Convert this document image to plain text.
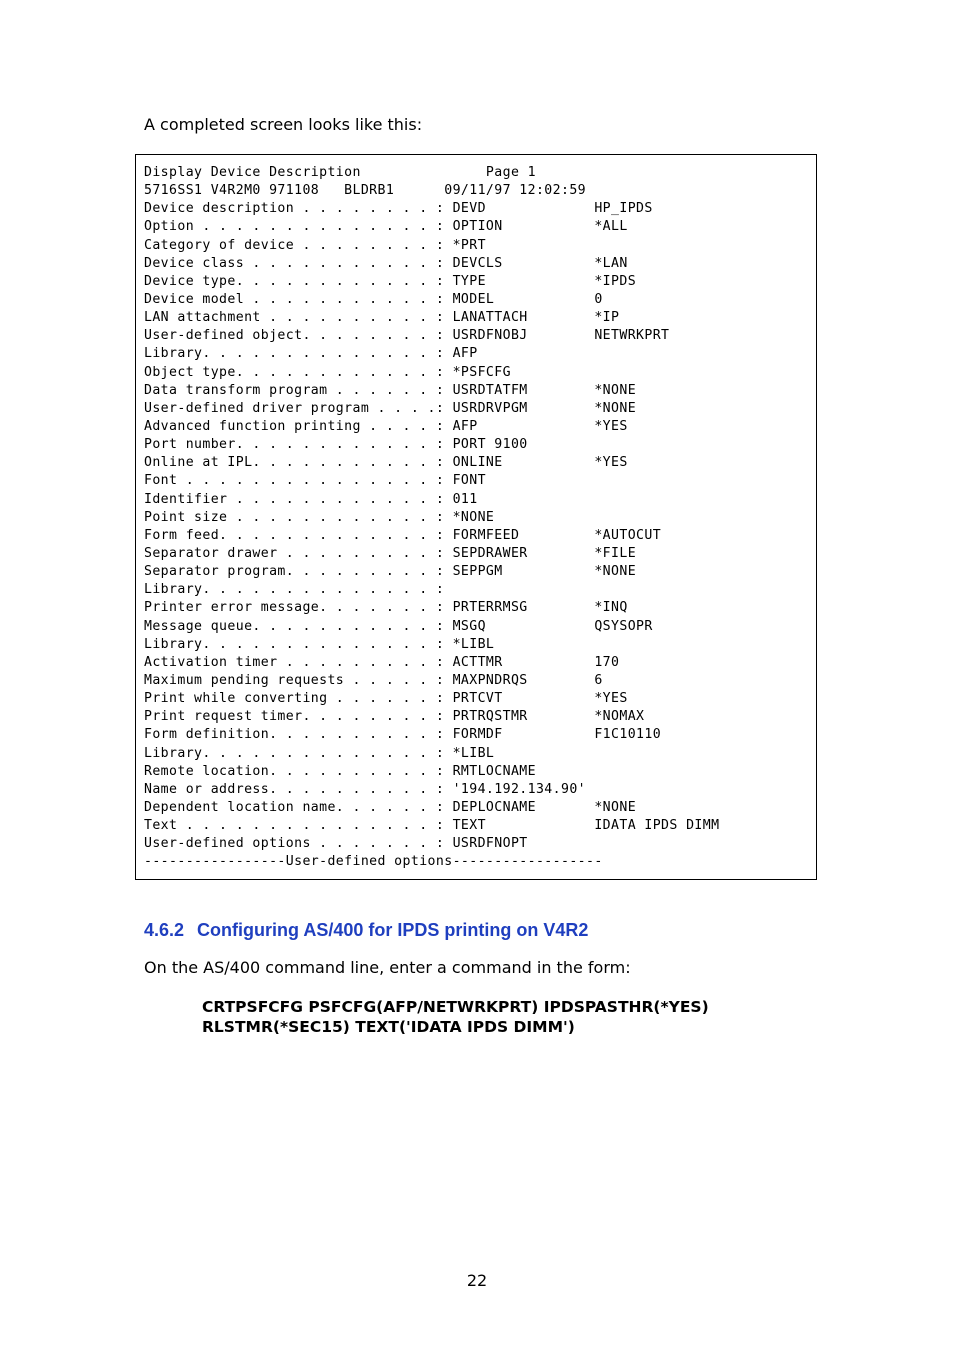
A completed screen looks like this:
Display Device Description               Page 1
5716SS1 V4R2M0 971108   BLDRB1      09/11/97 12:02:59
Device description . . . . . . . . : DEVD             HP_IPDS
Option . . . . . . . . . . . . . . : OPTION           *ALL
Category of device . . . . . . . . : *PRT
Device class . . . . . . . . . . . : DEVCLS           *LAN
Device type. . . . . . . . . . . . : TYPE             *IPDS
Device model . . . . . . . . . . . : MODEL            0
LAN attachment . . . . . . . . . . : LANATTACH        *IP
User-defined object. . . . . . . . : USRDFNOBJ        NETWRKPRT
Library. . . . . . . . . . . . . . : AFP
Object type. . . . . . . . . . . . : *PSFCFG
Data transform program . . . . . . : USRDTATFM        *NONE
User-defined driver program . . . .: USRDRVPGM        *NONE
Advanced function printing . . . . : AFP              *YES
Port number. . . . . . . . . . . . : PORT 9100
Online at IPL. . . . . . . . . . . : ONLINE           *YES
Font . . . . . . . . . . . . . . . : FONT
Identifier . . . . . . . . . . . . : 011
Point size . . . . . . . . . . . . : *NONE
Form feed. . . . . . . . . . . . . : FORMFEED         *AUTOCUT
Separator drawer . . . . . . . . . : SEPDRAWER        *FILE
Separator program. . . . . . . . . : SEPPGM           *NONE
Library. . . . . . . . . . . . . . :
Printer error message. . . . . . . : PRTERRMSG        *INQ
Message queue. . . . . . . . . . . : MSGQ             QSYSOPR
Library. . . . . . . . . . . . . . : *LIBL
Activation timer . . . . . . . . . : ACTTMR           170
Maximum pending requests . . . . . : MAXPNDRQS        6
Print while converting . . . . . . : PRTCVT           *YES
Print request timer. . . . . . . . : PRTRQSTMR        *NOMAX
Form definition. . . . . . . . . . : FORMDF           F1C10110
Library. . . . . . . . . . . . . . : *LIBL
Remote location. . . . . . . . . . : RMTLOCNAME
Name or address. . . . . . . . . . : '194.192.134.90'
Dependent location name. . . . . . : DEPLOCNAME       *NONE
Text . . . . . . . . . . . . . . . : TEXT             IDATA IPDS DIMM
User-defined options . . . . . . . : USRDFNOPT
-----------------User-defined options------------------
4.6.2 Configuring AS/400 for IPDS printing on V4R2
On the AS/400 command line, enter a command in the form:
CRTPSFCFG PSFCFG(AFP/NETWRKPRT) IPDSPASTHR(*YES)
RLSTMR(*SEC15) TEXT('IDATA IPDS DIMM')
22
